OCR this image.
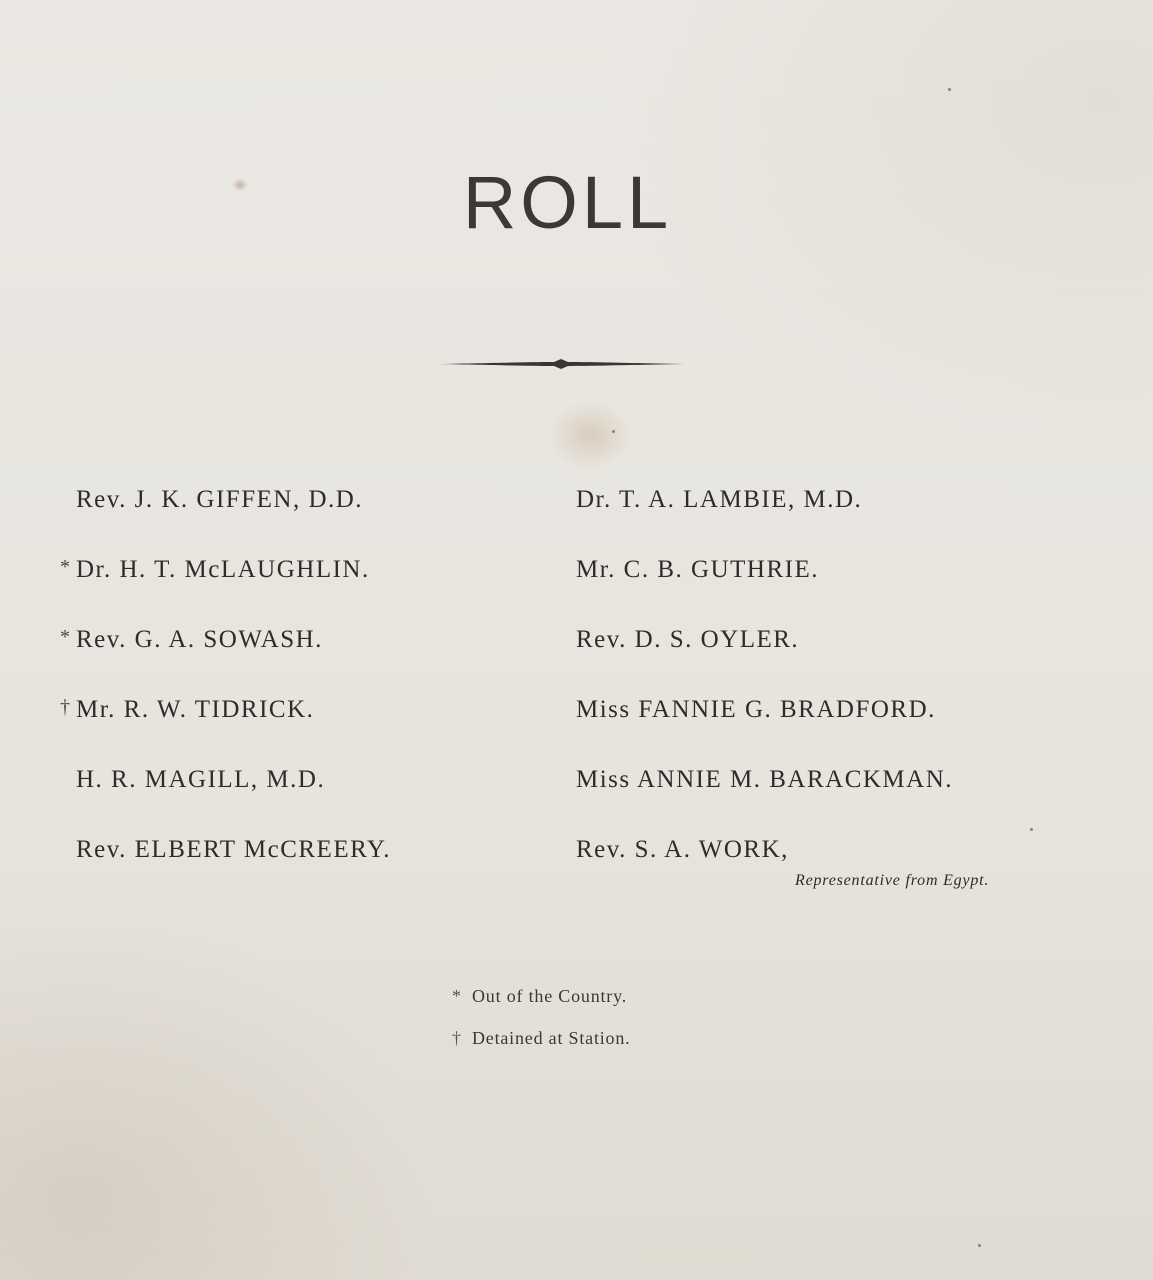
ROLL
Rev. J. K. GIFFEN, D.D.
* Dr. H. T. McLAUGHLIN.
* Rev. G. A. SOWASH.
† Mr. R. W. TIDRICK.
H. R. MAGILL, M.D.
Rev. ELBERT McCREERY.
Dr. T. A. LAMBIE, M.D.
Mr. C. B. GUTHRIE.
Rev. D. S. OYLER.
Miss FANNIE G. BRADFORD.
Miss ANNIE M. BARACKMAN.
Rev. S. A. WORK,
Representative from Egypt.
* Out of the Country.
† Detained at Station.
